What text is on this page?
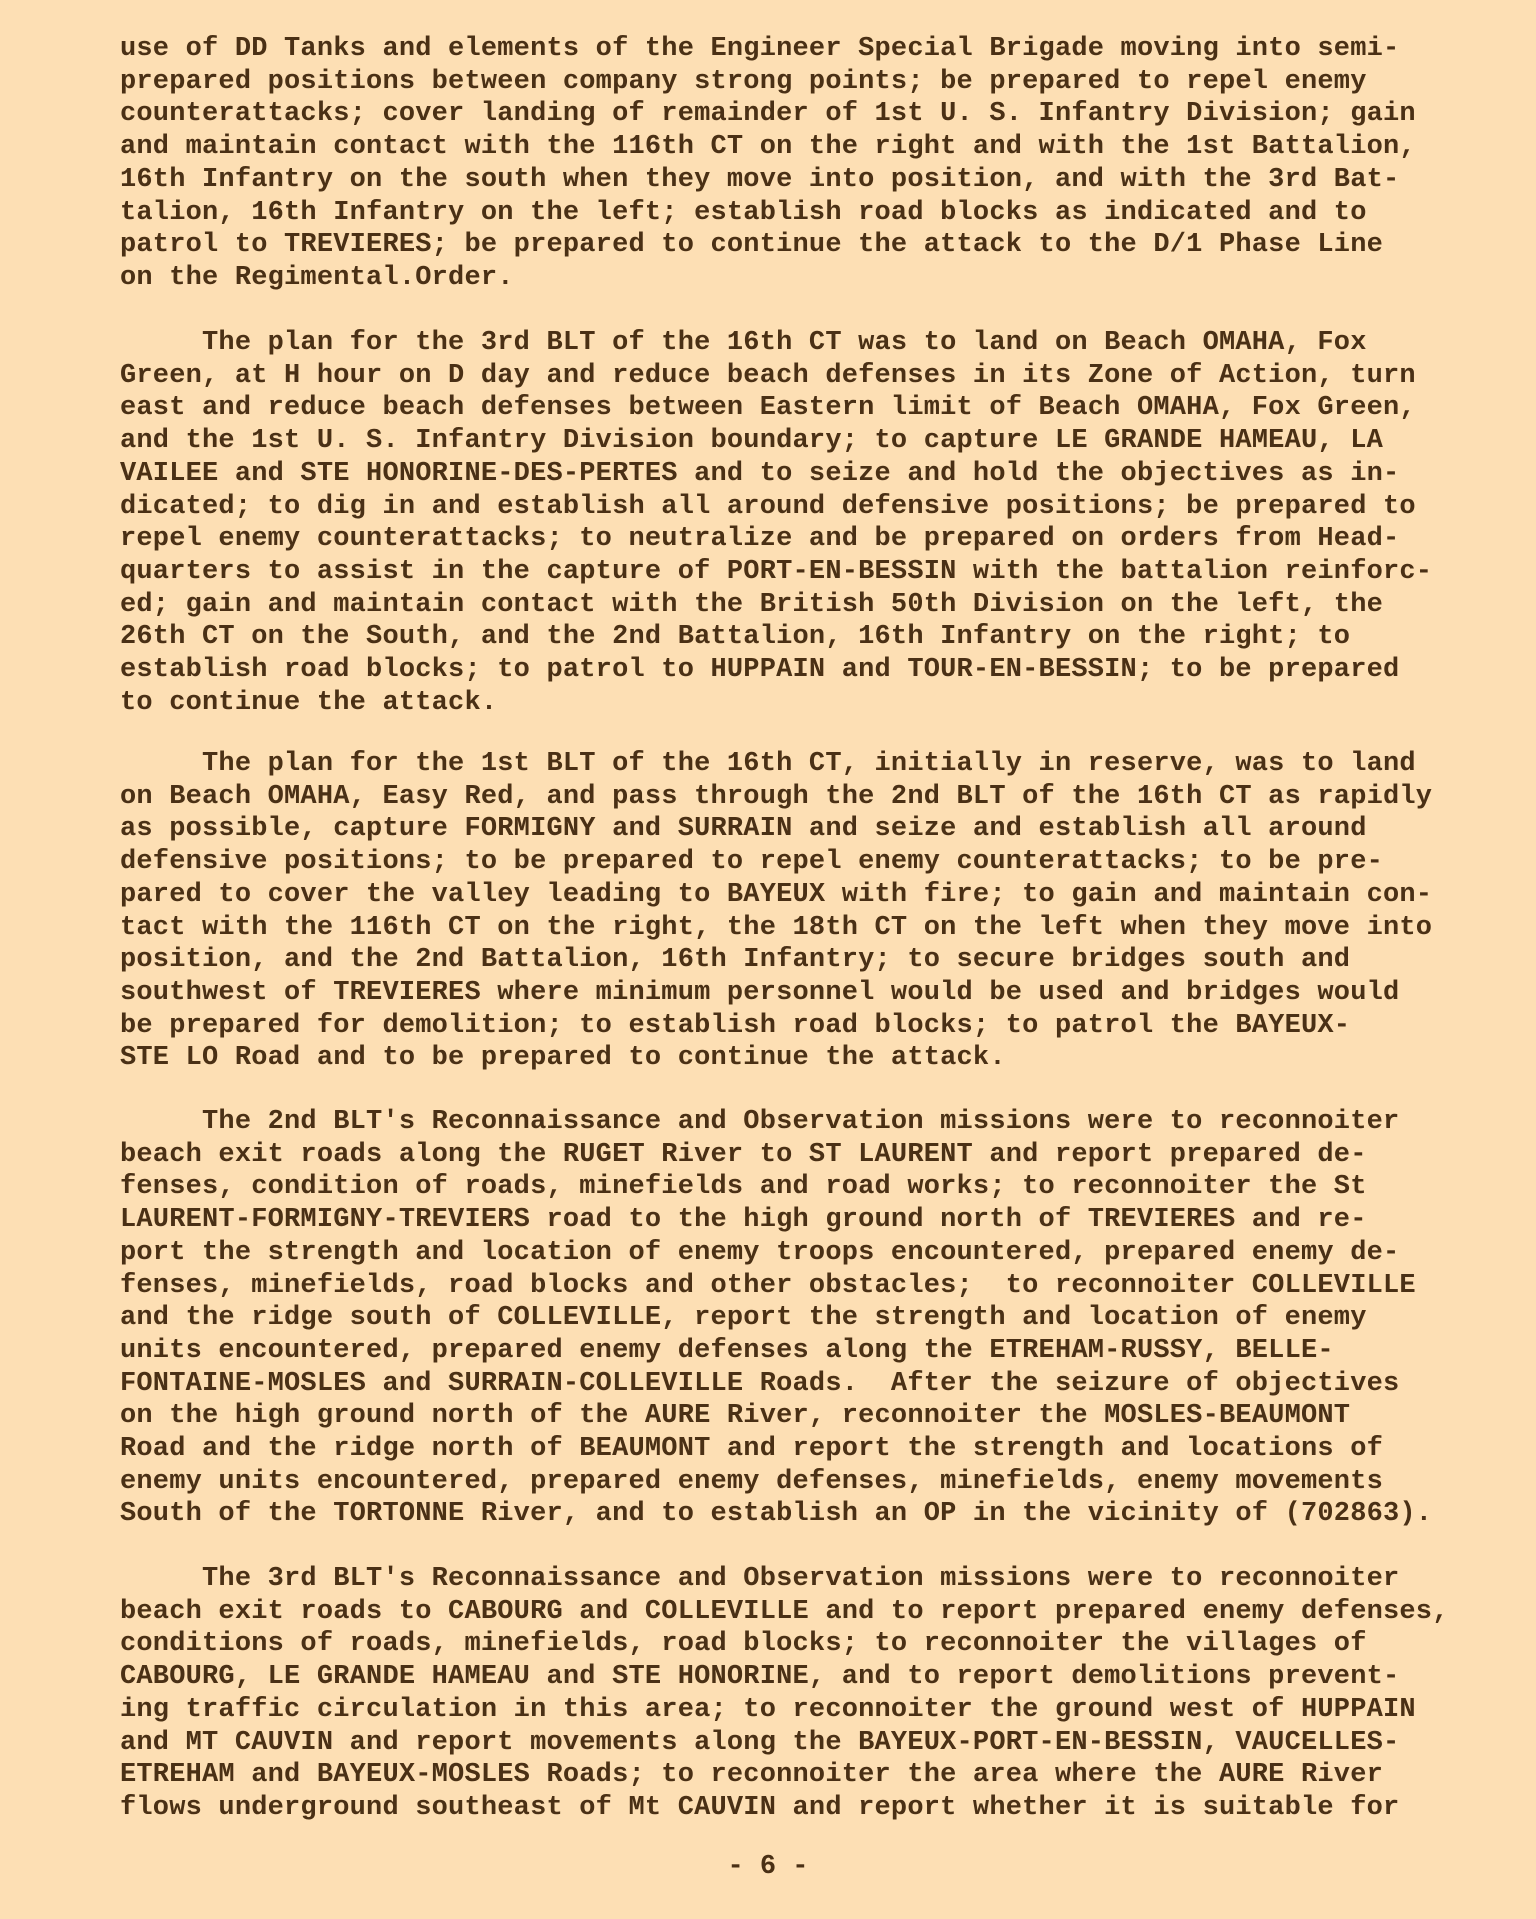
use of DD Tanks and elements of the Engineer Special Brigade moving into semi-
prepared positions between company strong points; be prepared to repel enemy
counterattacks; cover landing of remainder of 1st U. S. Infantry Division; gain
and maintain contact with the 116th CT on the right and with the 1st Battalion,
16th Infantry on the south when they move into position, and with the 3rd Bat-
talion, 16th Infantry on the left; establish road blocks as indicated and to
patrol to TREVIERES; be prepared to continue the attack to the D/1 Phase Line
on the Regimental.Order.
The plan for the 3rd BLT of the 16th CT was to land on Beach OMAHA, Fox
Green, at H hour on D day and reduce beach defenses in its Zone of Action, turn
east and reduce beach defenses between Eastern limit of Beach OMAHA, Fox Green,
and the 1st U. S. Infantry Division boundary; to capture LE GRANDE HAMEAU, LA
VAILEE and STE HONORINE-DES-PERTES and to seize and hold the objectives as in-
dicated; to dig in and establish all around defensive positions; be prepared to
repel enemy counterattacks; to neutralize and be prepared on orders from Head-
quarters to assist in the capture of PORT-EN-BESSIN with the battalion reinforc-
ed; gain and maintain contact with the British 50th Division on the left, the
26th CT on the South, and the 2nd Battalion, 16th Infantry on the right; to
establish road blocks; to patrol to HUPPAIN and TOUR-EN-BESSIN; to be prepared
to continue the attack.
The plan for the 1st BLT of the 16th CT, initially in reserve, was to land
on Beach OMAHA, Easy Red, and pass through the 2nd BLT of the 16th CT as rapidly
as possible, capture FORMIGNY and SURRAIN and seize and establish all around
defensive positions; to be prepared to repel enemy counterattacks; to be pre-
pared to cover the valley leading to BAYEUX with fire; to gain and maintain con-
tact with the 116th CT on the right, the 18th CT on the left when they move into
position, and the 2nd Battalion, 16th Infantry; to secure bridges south and
southwest of TREVIERES where minimum personnel would be used and bridges would
be prepared for demolition; to establish road blocks; to patrol the BAYEUX-
STE LO Road and to be prepared to continue the attack.
The 2nd BLT's Reconnaissance and Observation missions were to reconnoiter
beach exit roads along the RUGET River to ST LAURENT and report prepared de-
fenses, condition of roads, minefields and road works; to reconnoiter the St
LAURENT-FORMIGNY-TREVIERS road to the high ground north of TREVIERES and re-
port the strength and location of enemy troops encountered, prepared enemy de-
fenses, minefields, road blocks and other obstacles;  to reconnoiter COLLEVILLE
and the ridge south of COLLEVILLE, report the strength and location of enemy
units encountered, prepared enemy defenses along the ETREHAM-RUSSY, BELLE-
FONTAINE-MOSLES and SURRAIN-COLLEVILLE Roads.  After the seizure of objectives
on the high ground north of the AURE River, reconnoiter the MOSLES-BEAUMONT
Road and the ridge north of BEAUMONT and report the strength and locations of
enemy units encountered, prepared enemy defenses, minefields, enemy movements
South of the TORTONNE River, and to establish an OP in the vicinity of (702863).
The 3rd BLT's Reconnaissance and Observation missions were to reconnoiter
beach exit roads to CABOURG and COLLEVILLE and to report prepared enemy defenses,
conditions of roads, minefields, road blocks; to reconnoiter the villages of
CABOURG, LE GRANDE HAMEAU and STE HONORINE, and to report demolitions prevent-
ing traffic circulation in this area; to reconnoiter the ground west of HUPPAIN
and MT CAUVIN and report movements along the BAYEUX-PORT-EN-BESSIN, VAUCELLES-
ETREHAM and BAYEUX-MOSLES Roads; to reconnoiter the area where the AURE River
flows underground southeast of Mt CAUVIN and report whether it is suitable for
- 6 -
